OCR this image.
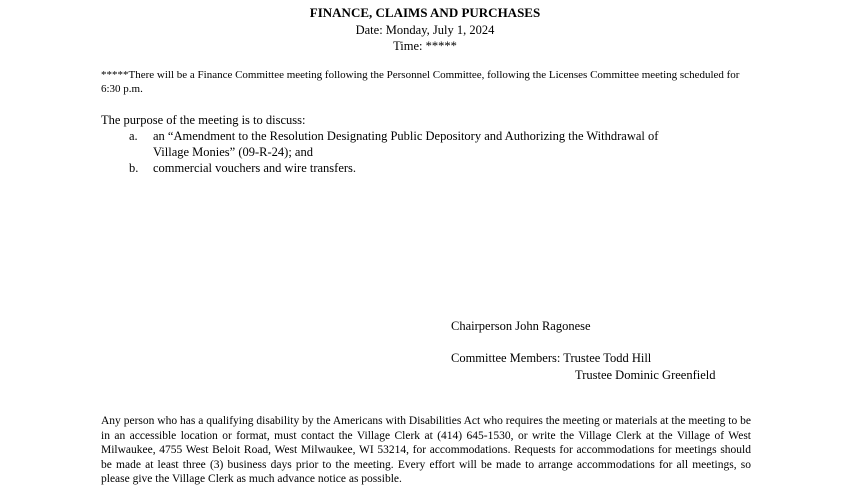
FINANCE, CLAIMS AND PURCHASES
Date: Monday, July 1, 2024
Time: *****
*****There will be a Finance Committee meeting following the Personnel Committee, following the Licenses Committee meeting scheduled for 6:30 p.m.
The purpose of the meeting is to discuss:
a. an “Amendment to the Resolution Designating Public Depository and Authorizing the Withdrawal of
Village Monies” (09-R-24); and
b. commercial vouchers and wire transfers.
Chairperson John Ragonese
Committee Members: Trustee Todd Hill
Trustee Dominic Greenfield
Any person who has a qualifying disability by the Americans with Disabilities Act who requires the meeting or materials at the meeting to be in an accessible location or format, must contact the Village Clerk at (414) 645-1530, or write the Village Clerk at the Village of West Milwaukee, 4755 West Beloit Road, West Milwaukee, WI 53214, for accommodations. Requests for accommodations for meetings should be made at least three (3) business days prior to the meeting. Every effort will be made to arrange accommodations for all meetings, so please give the Village Clerk as much advance notice as possible.
